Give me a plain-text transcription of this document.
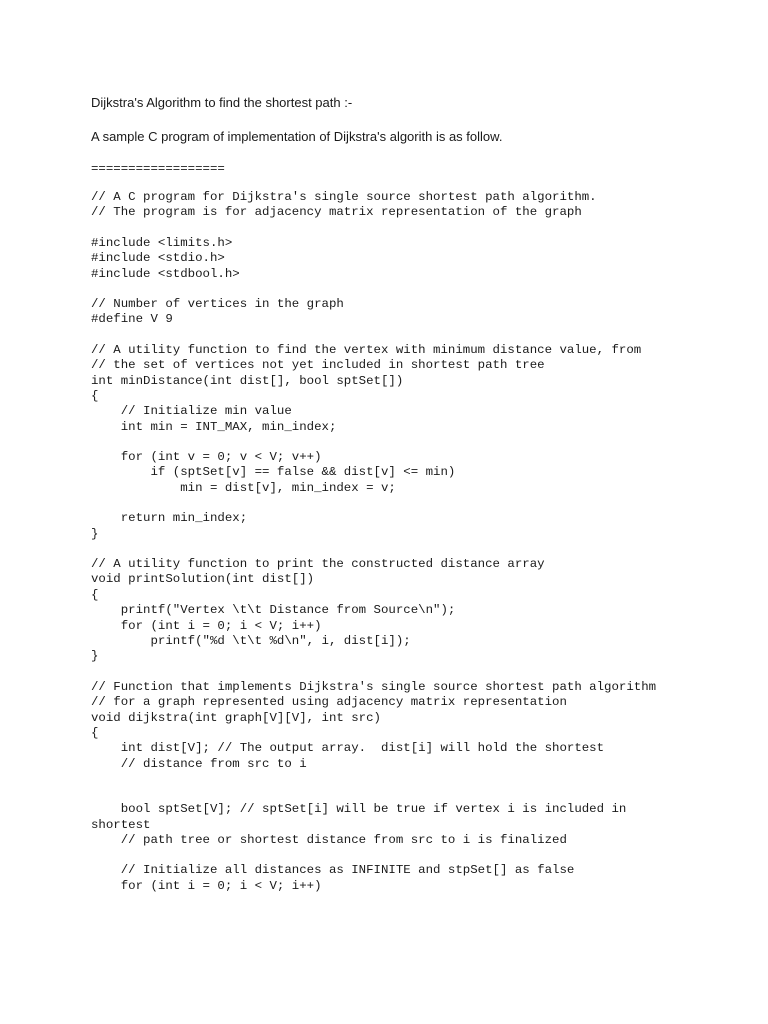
Dijkstra's Algorithm to find the shortest path :-
A sample C program of implementation of Dijkstra's algorith is as follow.
==================
// A C program for Dijkstra's single source shortest path algorithm.
// The program is for adjacency matrix representation of the graph
#include <limits.h>
#include <stdio.h>
#include <stdbool.h>
// Number of vertices in the graph
#define V 9
// A utility function to find the vertex with minimum distance value, from
// the set of vertices not yet included in shortest path tree
int minDistance(int dist[], bool sptSet[])
{
// Initialize min value
int min = INT_MAX, min_index;
for (int v = 0; v < V; v++)
if (sptSet[v] == false && dist[v] <= min)
min = dist[v], min_index = v;
return min_index;
}
// A utility function to print the constructed distance array
void printSolution(int dist[])
{
printf("Vertex \t\t Distance from Source\n");
for (int i = 0; i < V; i++)
printf("%d \t\t %d\n", i, dist[i]);
}
// Function that implements Dijkstra's single source shortest path algorithm
// for a graph represented using adjacency matrix representation
void dijkstra(int graph[V][V], int src)
{
int dist[V]; // The output array.  dist[i] will hold the shortest
// distance from src to i
bool sptSet[V]; // sptSet[i] will be true if vertex i is included in
shortest
// path tree or shortest distance from src to i is finalized
// Initialize all distances as INFINITE and stpSet[] as false
for (int i = 0; i < V; i++)
